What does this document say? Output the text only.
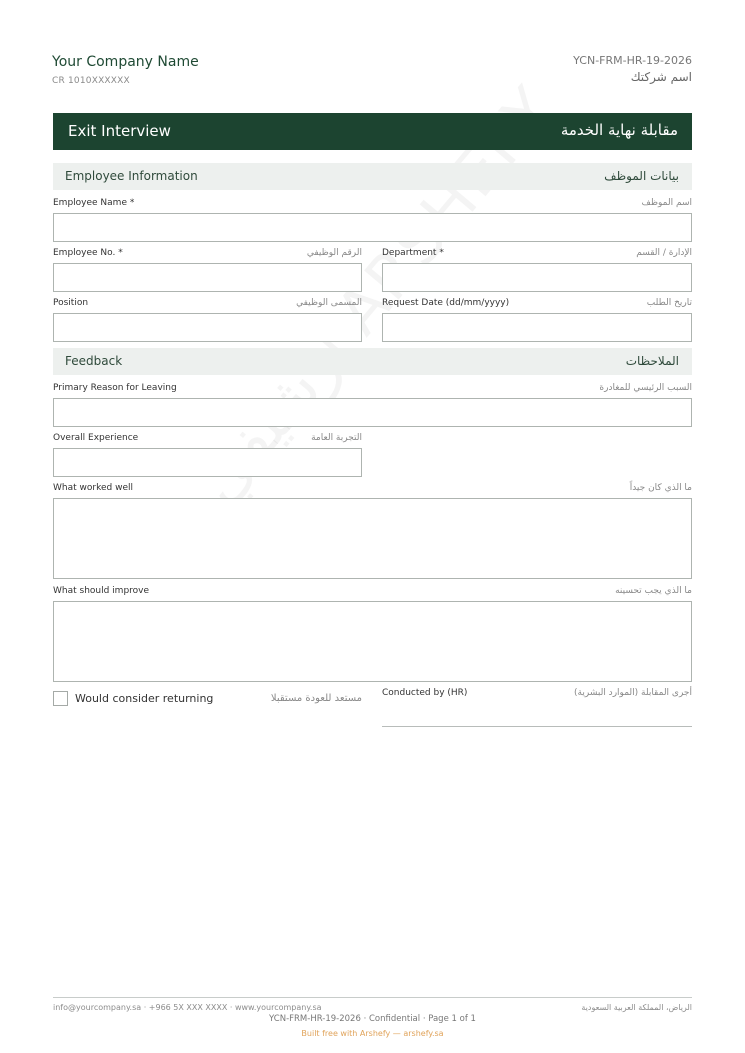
Your Company Name
CR 1010XXXXXX
YCN-FRM-HR-19-2026
اسم شركتك
Exit Interview	مقابلة نهاية الخدمة
Employee Information	بيانات الموظف
Employee Name *	اسم الموظف
Employee No. *	الرقم الوظيفي Department *	الإدارة / القسم
Position	المسمى الوظيفي Request Date (dd/mm/yyyy)	تاريخ الطلب
Feedback	الملاحظات
Primary Reason for Leaving	السبب الرئيسي للمغادرة
Overall Experience	التجربة العامة
What worked well	ما الذي كان جيداً
What should improve	ما الذي يجب تحسينه
Would consider returning	مستعد للعودة مستقبلا Conducted by (HR)	أجرى المقابلة (الموارد البشرية)
info@yourcompany.sa · +966 5X XXX XXXX · www.yourcompany.sa	الرياض، المملكة العربية السعودية
YCN-FRM-HR-19-2026 · Confidential · Page 1 of 1
Built free with Arshefy — arshefy.sa
